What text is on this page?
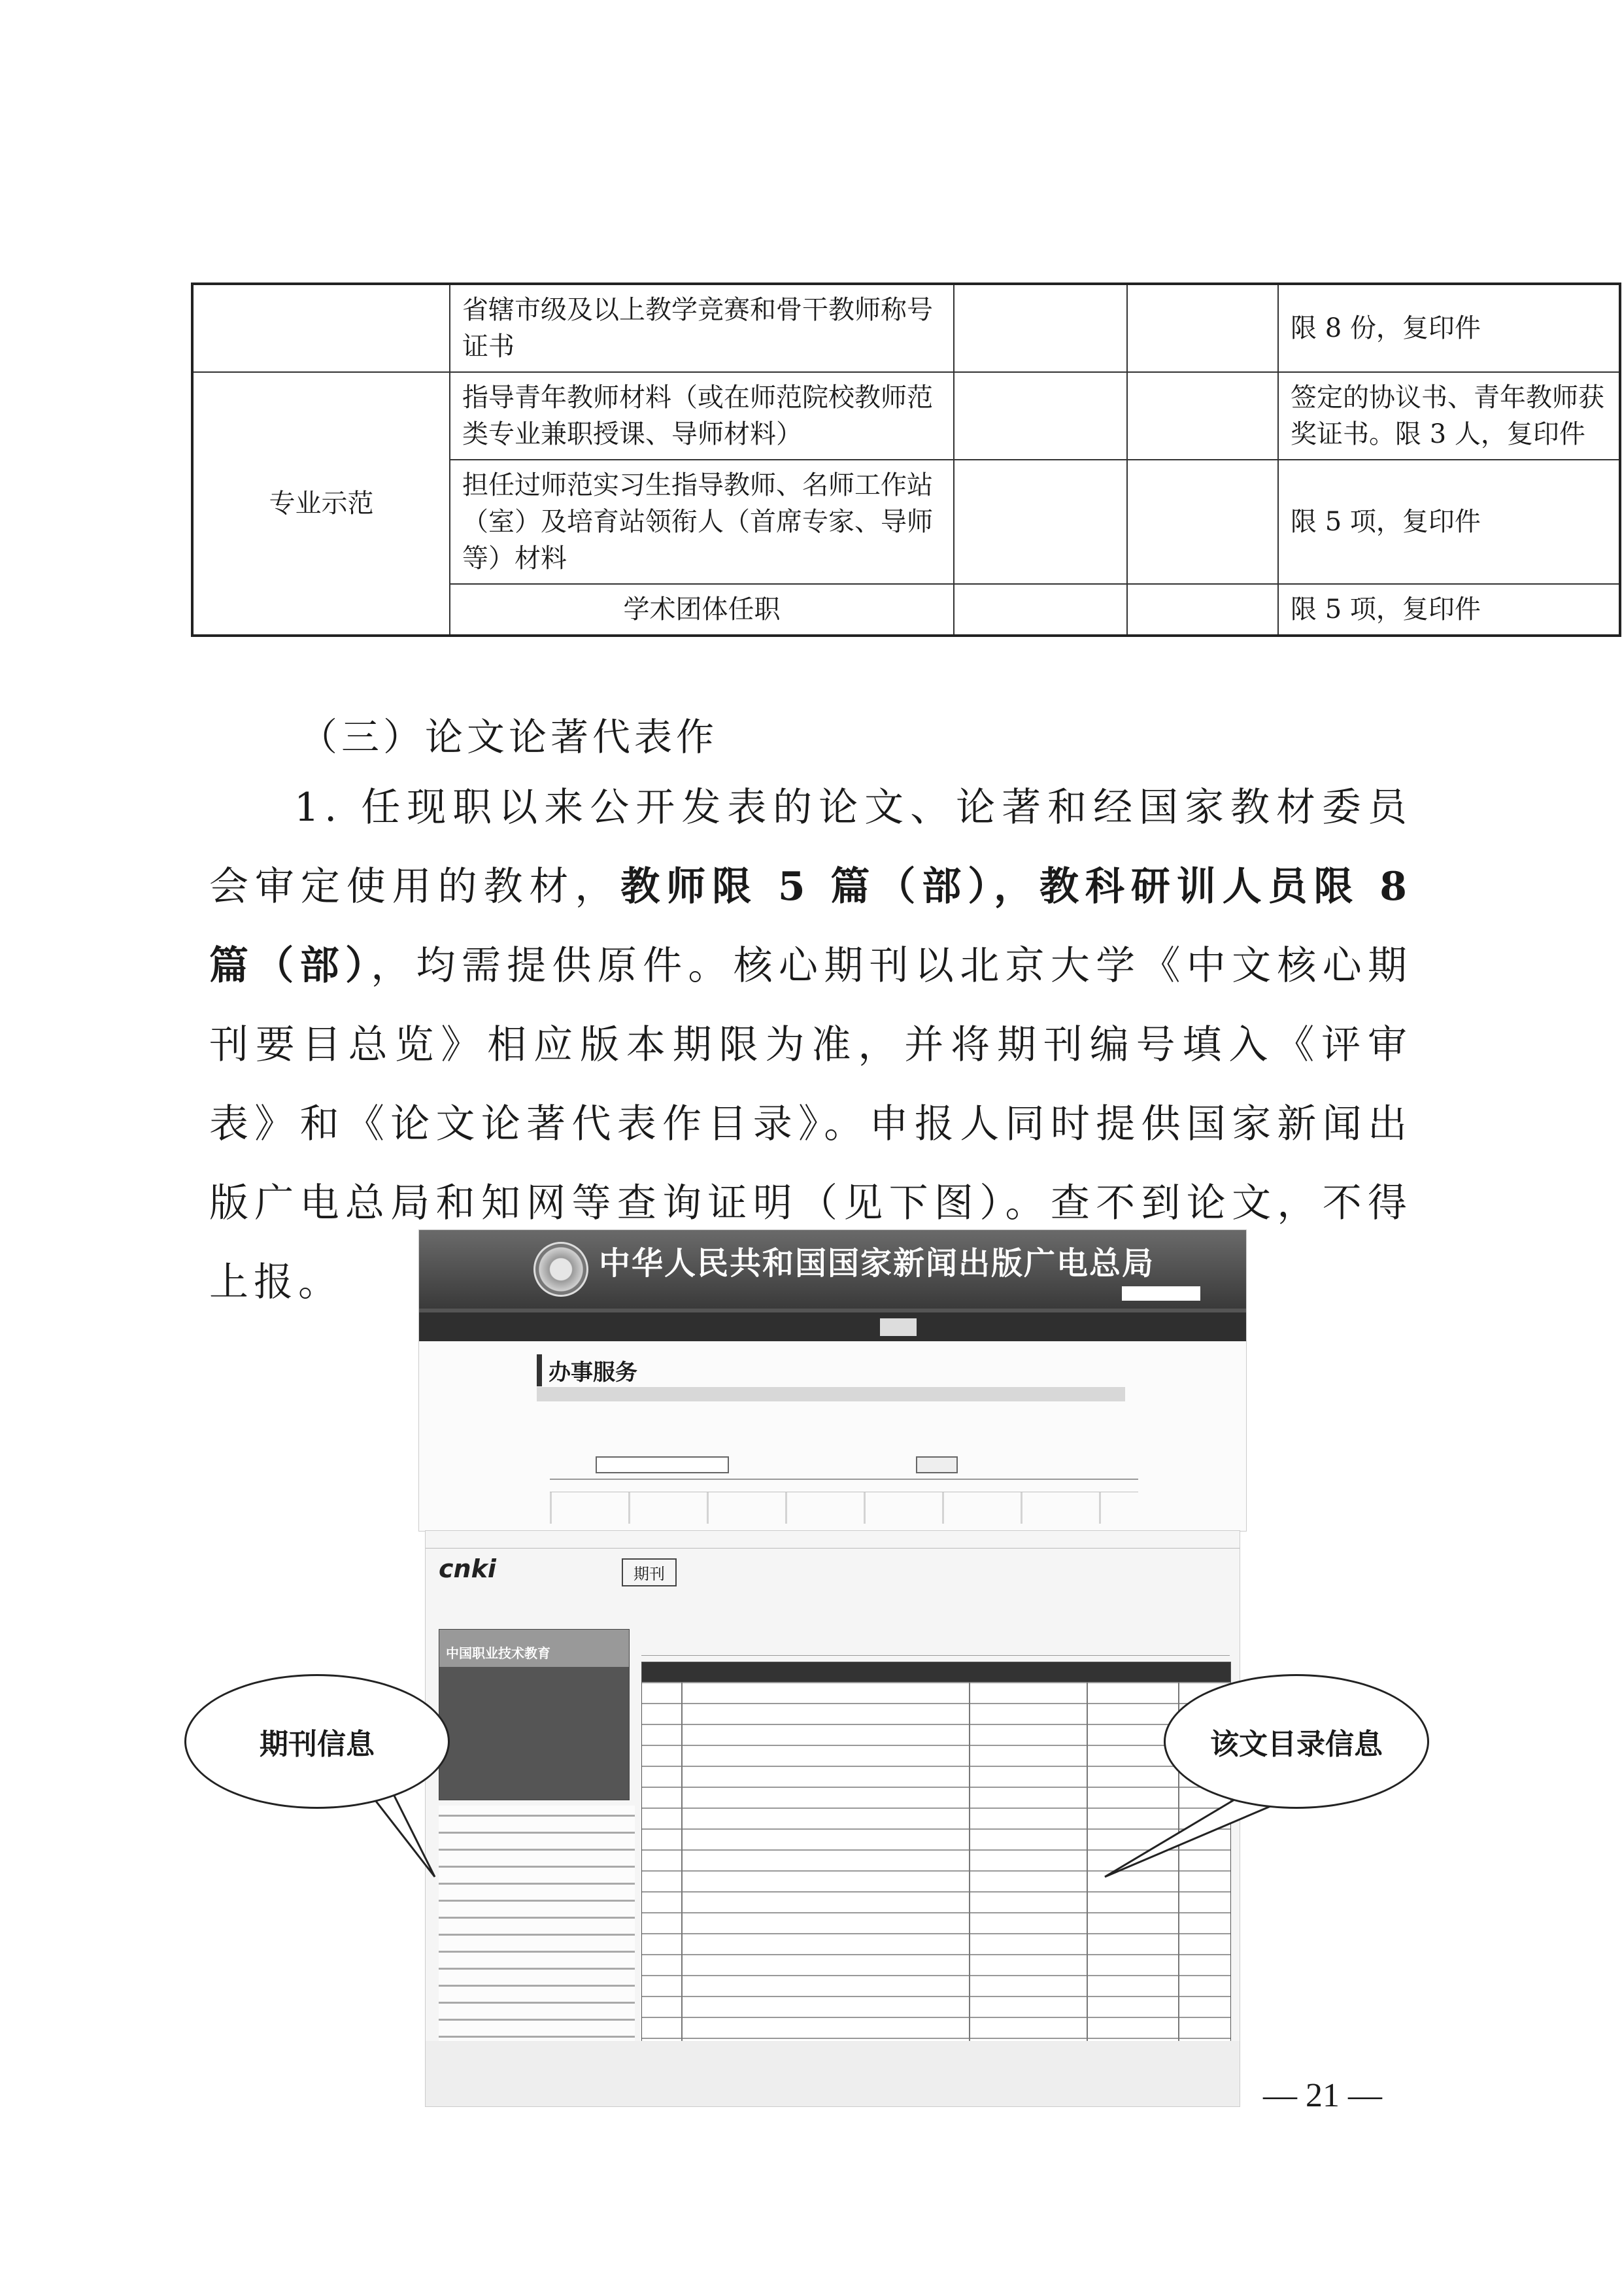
	省辖市级及以上教学竞赛和骨干教师称号证书			限 8 份，复印件
专业示范	指导青年教师材料（或在师范院校教师范类专业兼职授课、导师材料）			签定的协议书、青年教师获奖证书。限 3 人，复印件
	担任过师范实习生指导教师、名师工作站（室）及培育站领衔人（首席专家、导师等）材料			限 5 项，复印件
	学术团体任职			限 5 项，复印件
（三）论文论著代表作

1. 任现职以来公开发表的论文、论著和经国家教材委员会审定使用的教材，教师限 5 篇（部），教科研训人员限 8 篇（部），均需提供原件。核心期刊以北京大学《中文核心期刊要目总览》相应版本期限为准，并将期刊编号填入《评审表》和《论文论著代表作目录》。申报人同时提供国家新闻出版广电总局和知网等查询证明（见下图）。查不到论文，不得上报。	中华人民共和国国家新闻出版广电总局

办事服务
cnki	期刊
中国职业技术教育
期刊信息	该文目录信息
— 21 —
